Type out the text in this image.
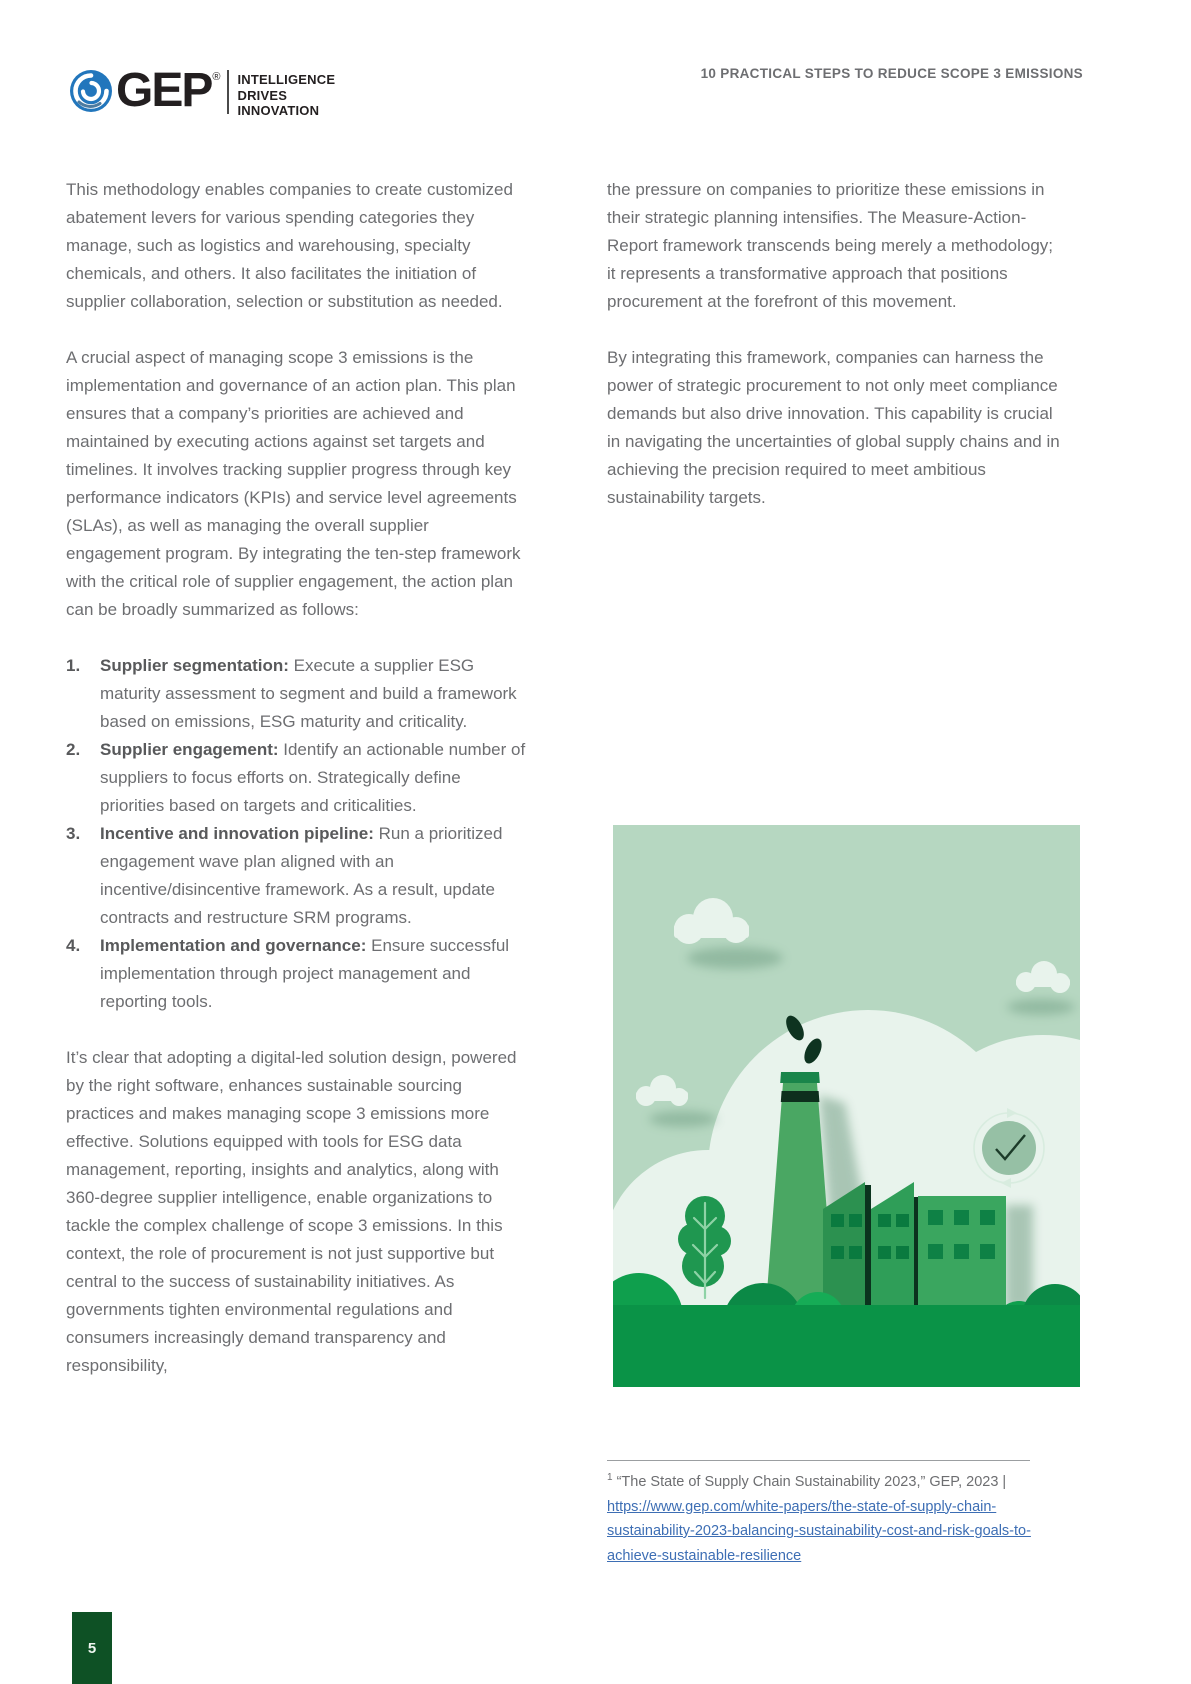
GEP ® INTELLIGENCE
DRIVES
INNOVATION
10 PRACTICAL STEPS TO REDUCE SCOPE 3 EMISSIONS

This methodology enables companies to create customized abatement levers for various spending categories they manage, such as logistics and warehousing, specialty chemicals, and others. It also facilitates the initiation of supplier collaboration, selection or substitution as needed.

A crucial aspect of managing scope 3 emissions is the implementation and governance of an action plan. This plan ensures that a company’s priorities are achieved and maintained by executing actions against set targets and timelines. It involves tracking supplier progress through key performance indicators (KPIs) and service level agreements (SLAs), as well as managing the overall supplier engagement program. By integrating the ten-step framework with the critical role of supplier engagement, the action plan can be broadly summarized as follows:

1. Supplier segmentation: Execute a supplier ESG maturity assessment to segment and build a framework based on emissions, ESG maturity and criticality.
2. Supplier engagement: Identify an actionable number of suppliers to focus efforts on. Strategically define priorities based on targets and criticalities.
3. Incentive and innovation pipeline: Run a prioritized engagement wave plan aligned with an incentive/disincentive framework. As a result, update contracts and restructure SRM programs.
4. Implementation and governance: Ensure successful implementation through project management and reporting tools.

It’s clear that adopting a digital-led solution design, powered by the right software, enhances sustainable sourcing practices and makes managing scope 3 emissions more effective. Solutions equipped with tools for ESG data management, reporting, insights and analytics, along with 360-degree supplier intelligence, enable organizations to tackle the complex challenge of scope 3 emissions. In this context, the role of procurement is not just supportive but central to the success of sustainability initiatives. As governments tighten environmental regulations and consumers increasingly demand transparency and responsibility,

the pressure on companies to prioritize these emissions in their strategic planning intensifies. The Measure-Action-Report framework transcends being merely a methodology; it represents a transformative approach that positions procurement at the forefront of this movement.

By integrating this framework, companies can harness the power of strategic procurement to not only meet compliance demands but also drive innovation. This capability is crucial in navigating the uncertainties of global supply chains and in achieving the precision required to meet ambitious sustainability targets.

$^1$ “The State of Supply Chain Sustainability 2023,” GEP, 2023 | https://www.gep.com/white-papers/the-state-of-supply-chain-sustainability-2023-balancing-sustainability-cost-and-risk-goals-to-achieve-sustainable-resilience
5
